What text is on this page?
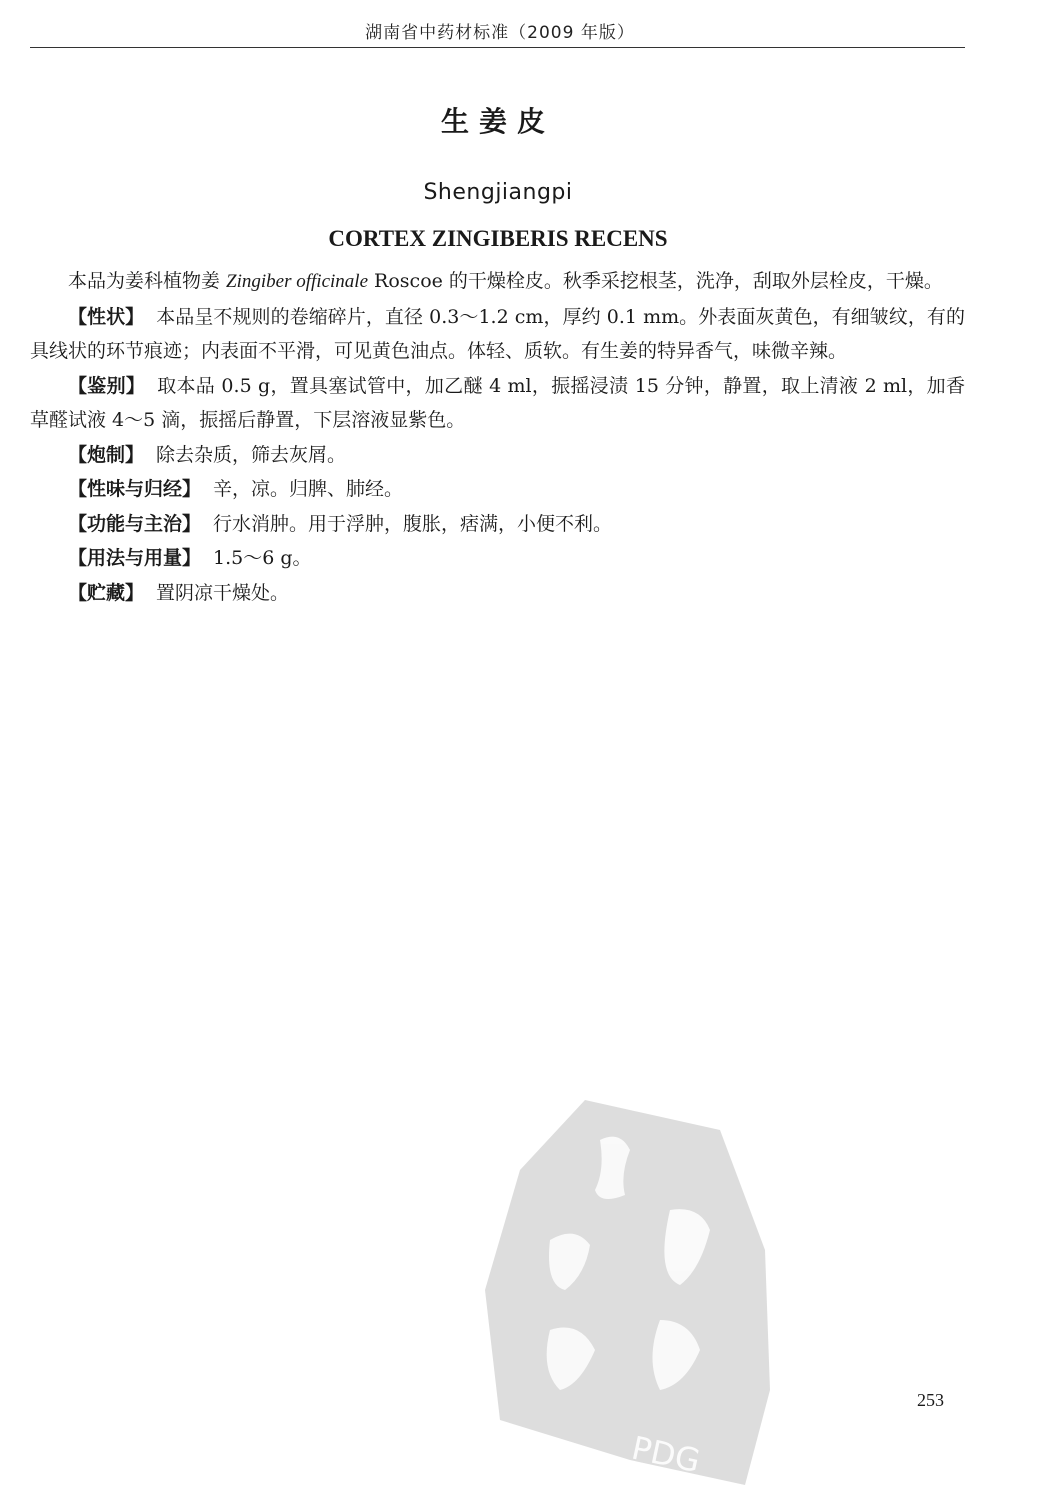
湖南省中药材标准（2009 年版）
生姜皮
Shengjiangpi
CORTEX ZINGIBERIS RECENS

本品为姜科植物姜 Zingiber officinale Roscoe 的干燥栓皮。秋季采挖根茎，洗净，刮取外层栓皮，干燥。

【性状】 本品呈不规则的卷缩碎片，直径 0.3～1.2 cm，厚约 0.1 mm。外表面灰黄色，有细皱纹，有的具线状的环节痕迹；内表面不平滑，可见黄色油点。体轻、质软。有生姜的特异香气，味微辛辣。

【鉴别】 取本品 0.5 g，置具塞试管中，加乙醚 4 ml，振摇浸渍 15 分钟，静置，取上清液 2 ml，加香草醛试液 4～5 滴，振摇后静置，下层溶液显紫色。

【炮制】 除去杂质，筛去灰屑。

【性味与归经】 辛，凉。归脾、肺经。

【功能与主治】 行水消肿。用于浮肿，腹胀，痞满，小便不利。

【用法与用量】 1.5～6 g。

【贮藏】 置阴凉干燥处。

PDG
253
